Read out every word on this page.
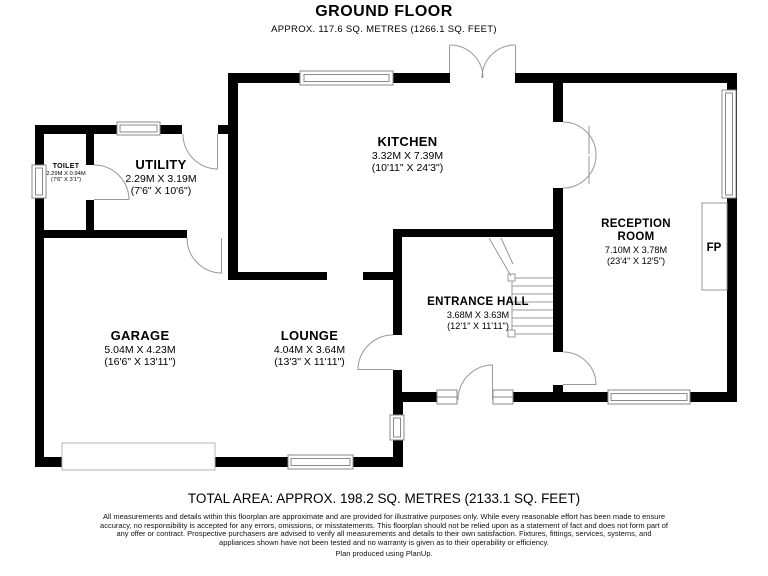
GROUND FLOOR
APPROX. 117.6 SQ. METRES (1266.1 SQ. FEET)
TOILET
2.29M X 0.94M
(7'6" X 3'1")
UTILITY
2.29M X 3.19M
(7'6" X 10'6")
KITCHEN
3.32M X 7.39M
(10'11" X 24'3")
GARAGE
5.04M X 4.23M
(16'6" X 13'11")
LOUNGE
4.04M X 3.64M
(13'3" X 11'11")
ENTRANCE HALL
3.68M X 3.63M
(12'1" X 11'11")
RECEPTION ROOM
7.10M X 3.78M
(23'4" X 12'5")
FP
TOTAL AREA: APPROX. 198.2 SQ. METRES (2133.1 SQ. FEET)
All measurements and details within this floorplan are approximate and are provided for illustrative purposes only. While every reasonable effort has been made to ensure accuracy, no responsibility is accepted for any errors, omissions, or misstatements. This floorplan should not be relied upon as a statement of fact and does not form part of any offer or contract. Prospective purchasers are advised to verify all measurements and details to their own satisfaction. Fixtures, fittings, services, systems, and appliances shown have not been tested and no warranty is given as to their operability or efficiency.
Plan produced using PlanUp.
